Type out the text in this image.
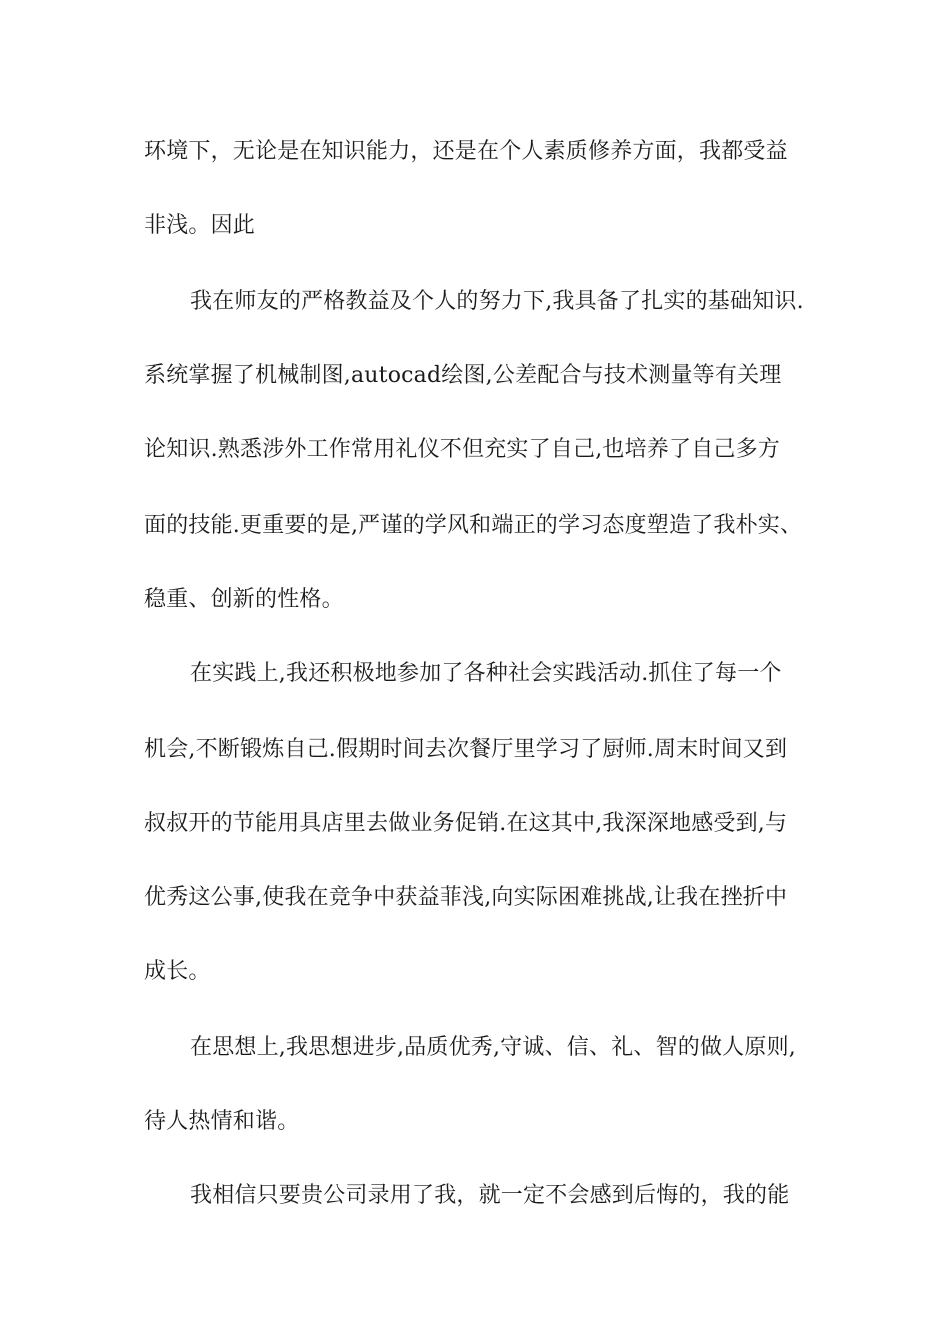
环境下，无论是在知识能力，还是在个人素质修养方面，我都受益
非浅。因此
我在师友的严格教益及个人的努力下,我具备了扎实的基础知识.
系统掌握了机械制图,autocad绘图,公差配合与技术测量等有关理
论知识.熟悉涉外工作常用礼仪不但充实了自己,也培养了自己多方
面的技能.更重要的是,严谨的学风和端正的学习态度塑造了我朴实、
稳重、创新的性格。
在实践上,我还积极地参加了各种社会实践活动.抓住了每一个
机会,不断锻炼自己.假期时间去次餐厅里学习了厨师.周末时间又到
叔叔开的节能用具店里去做业务促销.在这其中,我深深地感受到,与
优秀这公事,使我在竞争中获益菲浅,向实际困难挑战,让我在挫折中
成长。
在思想上,我思想进步,品质优秀,守诚、信、礼、智的做人原则,
待人热情和谐。
我相信只要贵公司录用了我，就一定不会感到后悔的，我的能
